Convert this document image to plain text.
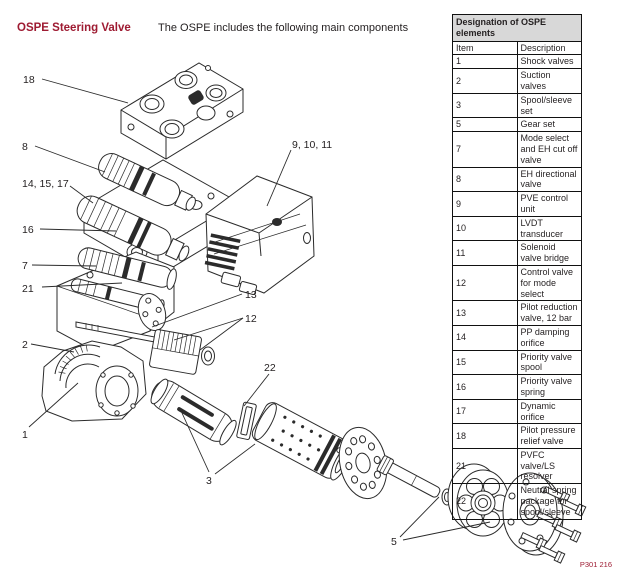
OSPE Steering Valve The OSPE includes the following main components
18
8
14, 15, 17
16
7
21
2
1
9, 10, 11
13
12
22
3
5
Designation of OSPE elements	
Item	Description
1	Shock valves
2	Suction valves
3	Spool/sleeve set
5	Gear set
7	Mode select and EH cut off valve
8	EH directional valve
9	PVE control unit
10	LVDT transducer
11	Solenoid valve bridge
12	Control valve for mode select
13	Pilot reduction valve, 12 bar
14	PP damping orifice
15	Priority valve spool
16	Priority valve spring
17	Dynamic orifice
18	Pilot pressure relief valve
21	PVFC valve/LS resolver
22	Neutral spring package for spool/sleeve
P301 216
